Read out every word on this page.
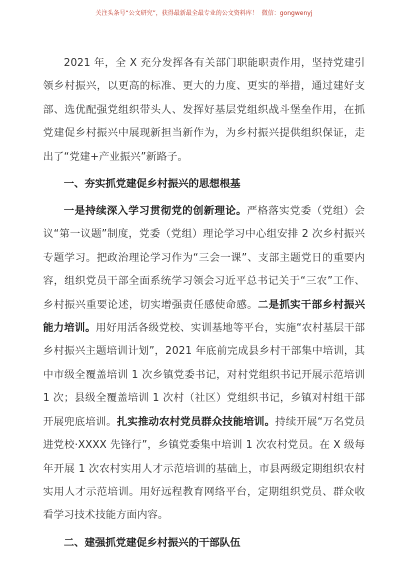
关注头条号“公文研究”，获得最新最全最专业的公文资料库！ 微信：gongwenyj

2021 年，全 X 充分发挥各有关部门职能职责作用，坚持党建引领乡村振兴，以更高的标准、更大的力度、更实的举措，通过建好支部、选优配强党组织带头人、发挥好基层党组织战斗堡垒作用，在抓党建促乡村振兴中展现新担当新作为，为乡村振兴提供组织保证，走出了“党建+产业振兴”新路子。

一、夯实抓党建促乡村振兴的思想根基

一是持续深入学习贯彻党的创新理论。严格落实党委（党组）会议“第一议题”制度，党委（党组）理论学习中心组安排 2 次乡村振兴专题学习。把政治理论学习作为“三会一课”、支部主题党日的重要内容，组织党员干部全面系统学习领会习近平总书记关于“三农”工作、乡村振兴重要论述，切实增强责任感使命感。二是抓实干部乡村振兴能力培训。用好用活各级党校、实训基地等平台，实施“农村基层干部乡村振兴主题培训计划”，2021 年底前完成县乡村干部集中培训，其中市级全覆盖培训 1 次乡镇党委书记，对村党组织书记开展示范培训 1 次；县级全覆盖培训 1 次村（社区）党组织书记，乡镇对村组干部开展兜底培训。扎实推动农村党员群众技能培训。持续开展“万名党员进党校·XXXX 先锋行”，乡镇党委集中培训 1 次农村党员。在 X 级每年开展 1 次农村实用人才示范培训的基础上，市县两级定期组织农村实用人才示范培训。用好远程教育网络平台，定期组织党员、群众收看学习技术技能方面内容。

二、建强抓党建促乡村振兴的干部队伍
